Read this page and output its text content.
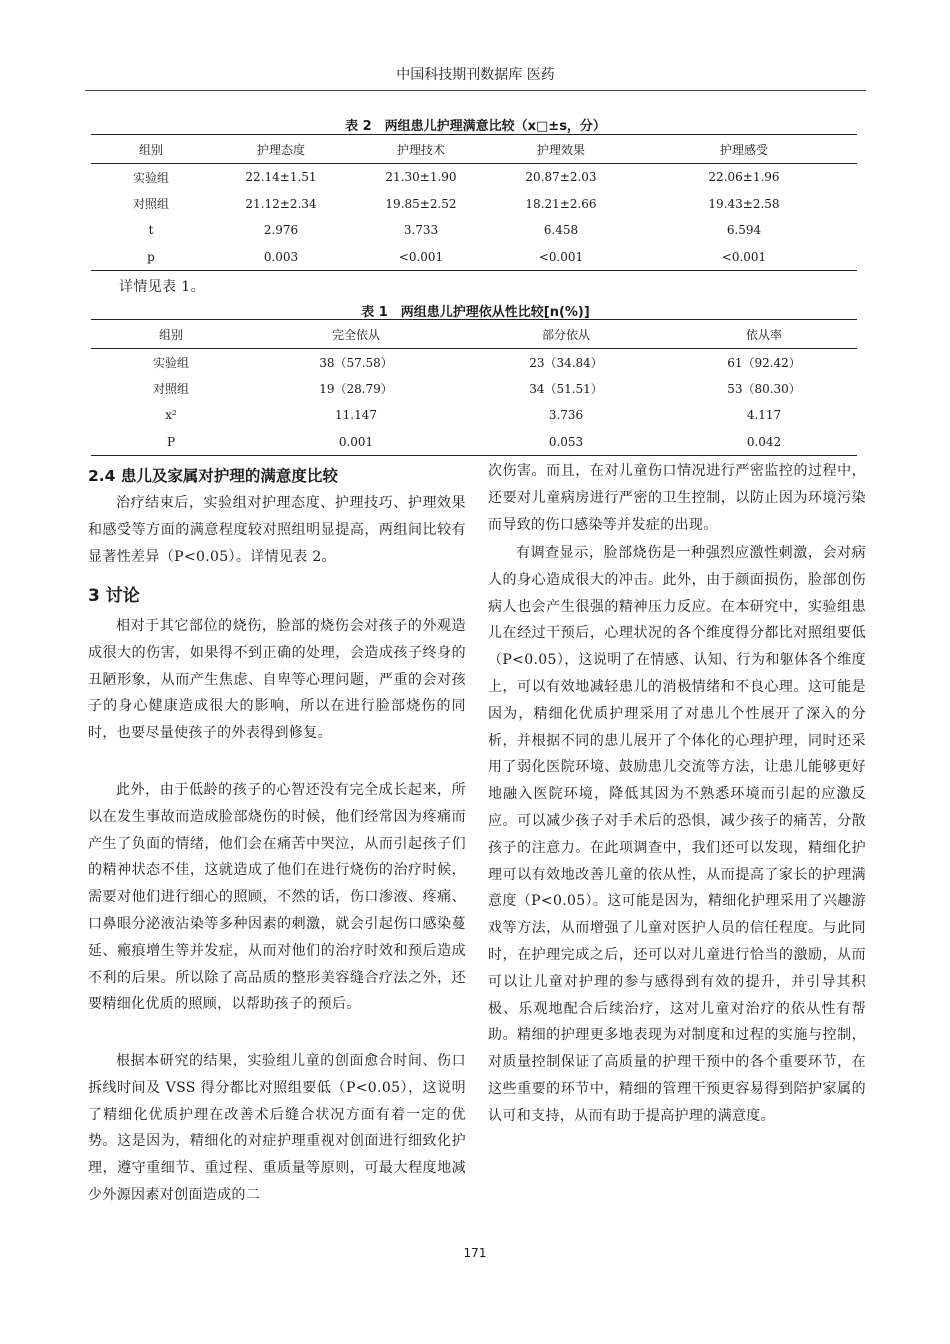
中国科技期刊数据库 医药
表 2　两组患儿护理满意比较（x□±s，分）
组别	护理态度	护理技术	护理效果	护理感受
实验组	22.14±1.51	21.30±1.90	20.87±2.03	22.06±1.96
对照组	21.12±2.34	19.85±2.52	18.21±2.66	19.43±2.58
t	2.976	3.733	6.458	6.594
p	0.003	<0.001	<0.001	<0.001
详情见表 1。
表 1　两组患儿护理依从性比较[n(%)]
组别	完全依从	部分依从	依从率
实验组	38（57.58）	23（34.84）	61（92.42）
对照组	19（28.79）	34（51.51）	53（80.30）
x²	11.147	3.736	4.117
P	0.001	0.053	0.042
2.4 患儿及家属对护理的满意度比较
治疗结束后，实验组对护理态度、护理技巧、护理效果和感受等方面的满意程度较对照组明显提高，两组间比较有显著性差异（P<0.05）。详情见表 2。
3 讨论
相对于其它部位的烧伤，脸部的烧伤会对孩子的外观造成很大的伤害，如果得不到正确的处理，会造成孩子终身的丑陋形象，从而产生焦虑、自卑等心理问题，严重的会对孩子的身心健康造成很大的影响，所以在进行脸部烧伤的同时，也要尽量使孩子的外表得到修复。
此外，由于低龄的孩子的心智还没有完全成长起来，所以在发生事故而造成脸部烧伤的时候，他们经常因为疼痛而产生了负面的情绪，他们会在痛苦中哭泣，从而引起孩子们的精神状态不佳，这就造成了他们在进行烧伤的治疗时候，需要对他们进行细心的照顾，不然的话，伤口渗液、疼痛、口鼻眼分泌液沾染等多种因素的刺激，就会引起伤口感染蔓延、瘢痕增生等并发症，从而对他们的治疗时效和预后造成不利的后果。所以除了高品质的整形美容缝合疗法之外，还要精细化优质的照顾，以帮助孩子的预后。
根据本研究的结果，实验组儿童的创面愈合时间、伤口拆线时间及 VSS 得分都比对照组要低（P<0.05），这说明了精细化优质护理在改善术后缝合状况方面有着一定的优势。这是因为，精细化的对症护理重视对创面进行细致化护理，遵守重细节、重过程、重质量等原则，可最大程度地减少外源因素对创面造成的二
次伤害。而且，在对儿童伤口情况进行严密监控的过程中，还要对儿童病房进行严密的卫生控制，以防止因为环境污染而导致的伤口感染等并发症的出现。
有调查显示，脸部烧伤是一种强烈应激性刺激，会对病人的身心造成很大的冲击。此外，由于颜面损伤，脸部创伤病人也会产生很强的精神压力反应。在本研究中，实验组患儿在经过干预后，心理状况的各个维度得分都比对照组要低（P<0.05），这说明了在情感、认知、行为和躯体各个维度上，可以有效地减轻患儿的消极情绪和不良心理。这可能是因为，精细化优质护理采用了对患儿个性展开了深入的分析，并根据不同的患儿展开了个体化的心理护理，同时还采用了弱化医院环境、鼓励患儿交流等方法，让患儿能够更好地融入医院环境，降低其因为不熟悉环境而引起的应激反应。可以减少孩子对手术后的恐惧，减少孩子的痛苦，分散孩子的注意力。在此项调查中，我们还可以发现，精细化护理可以有效地改善儿童的依从性，从而提高了家长的护理满意度（P<0.05）。这可能是因为，精细化护理采用了兴趣游戏等方法，从而增强了儿童对医护人员的信任程度。与此同时，在护理完成之后，还可以对儿童进行恰当的激励，从而可以让儿童对护理的参与感得到有效的提升，并引导其积极、乐观地配合后续治疗，这对儿童对治疗的依从性有帮助。精细的护理更多地表现为对制度和过程的实施与控制，对质量控制保证了高质量的护理干预中的各个重要环节，在这些重要的环节中，精细的管理干预更容易得到陪护家属的认可和支持，从而有助于提高护理的满意度。
171
